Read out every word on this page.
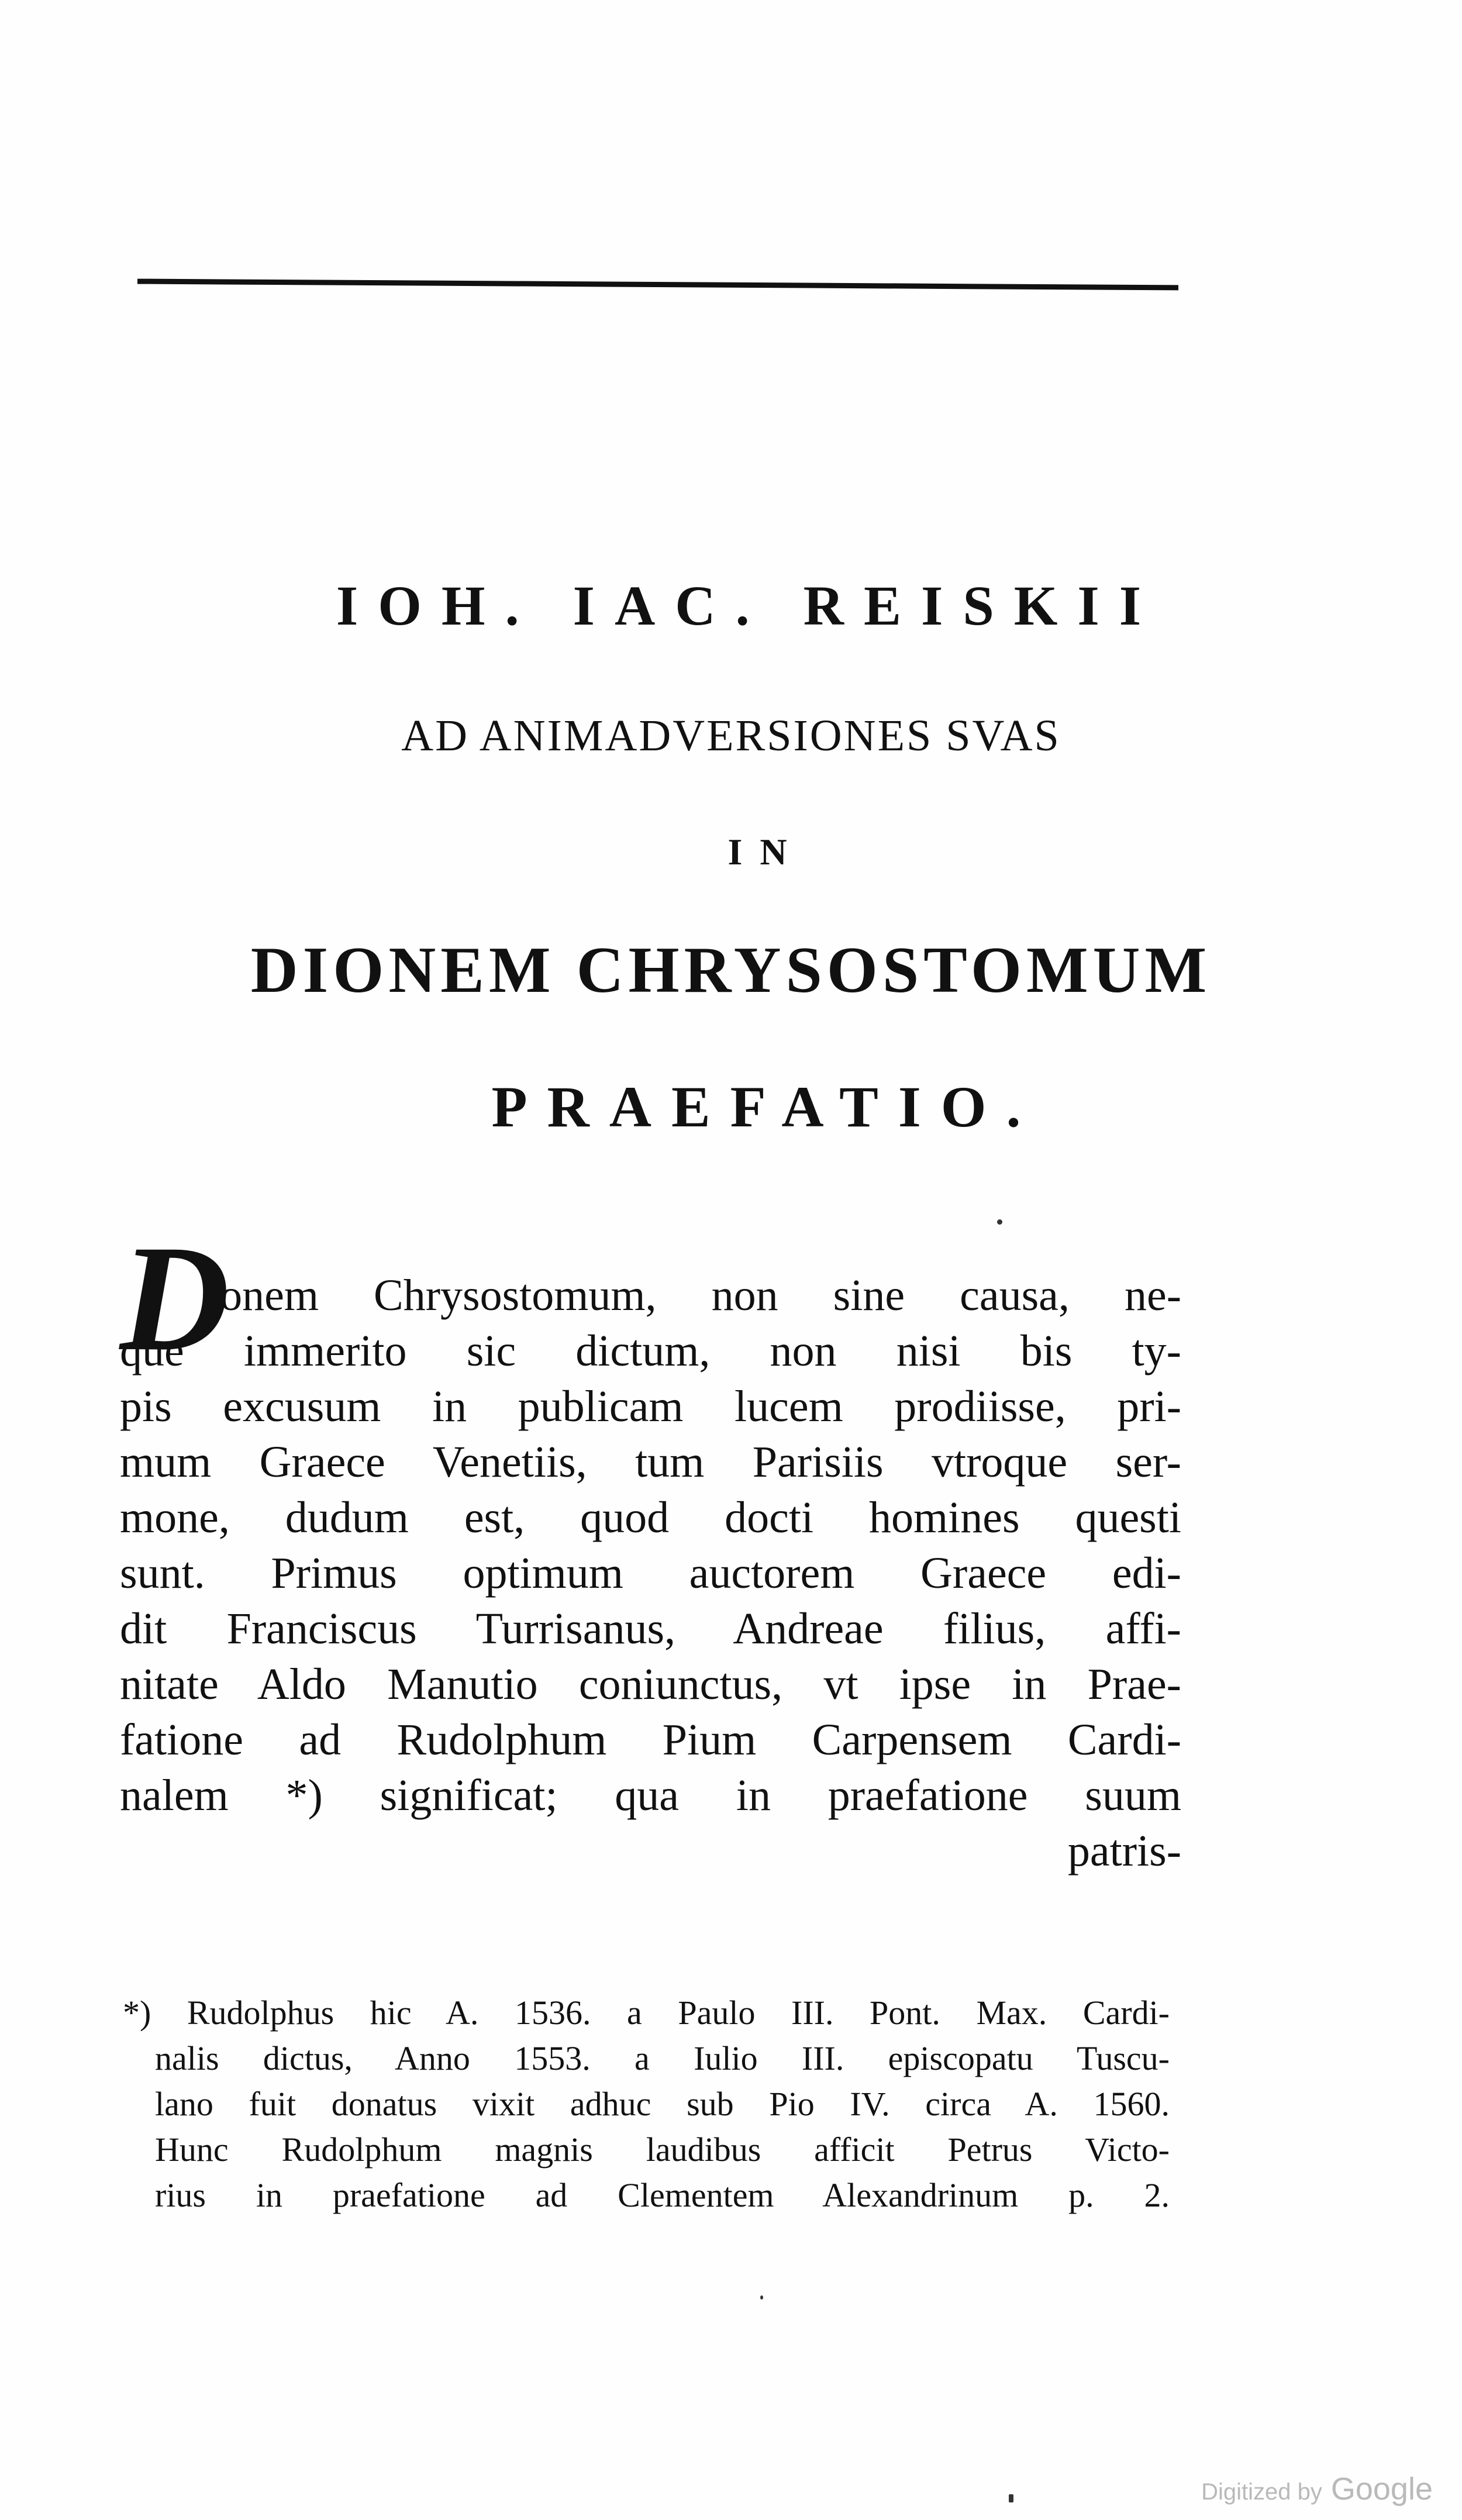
IOH. IAC. REISKII
AD ANIMADVERSIONES SVAS
IN
DIONEM CHRYSOSTOMUM
PRAEFATIO.
D
ionem Chrysostomum, non sine causa, ne-
que immerito sic dictum, non nisi bis ty-
pis excusum in publicam lucem prodiisse, pri-
mum Graece Venetiis, tum Parisiis vtroque ser-
mone, dudum est, quod docti homines questi
sunt. Primus optimum auctorem Graece edi-
dit Franciscus Turrisanus, Andreae filius, affi-
nitate Aldo Manutio coniunctus, vt ipse in Prae-
fatione ad Rudolphum Pium Carpensem Cardi-
nalem *) significat; qua in praefatione suum
patris-
*) Rudolphus hic A. 1536. a Paulo III. Pont. Max. Cardi-
nalis dictus, Anno 1553. a Iulio III. episcopatu Tuscu-
lano fuit donatus vixit adhuc sub Pio IV. circa A. 1560.
Hunc Rudolphum magnis laudibus afficit Petrus Victo-
rius in praefatione ad Clementem Alexandrinum p. 2.
Digitized by Google
